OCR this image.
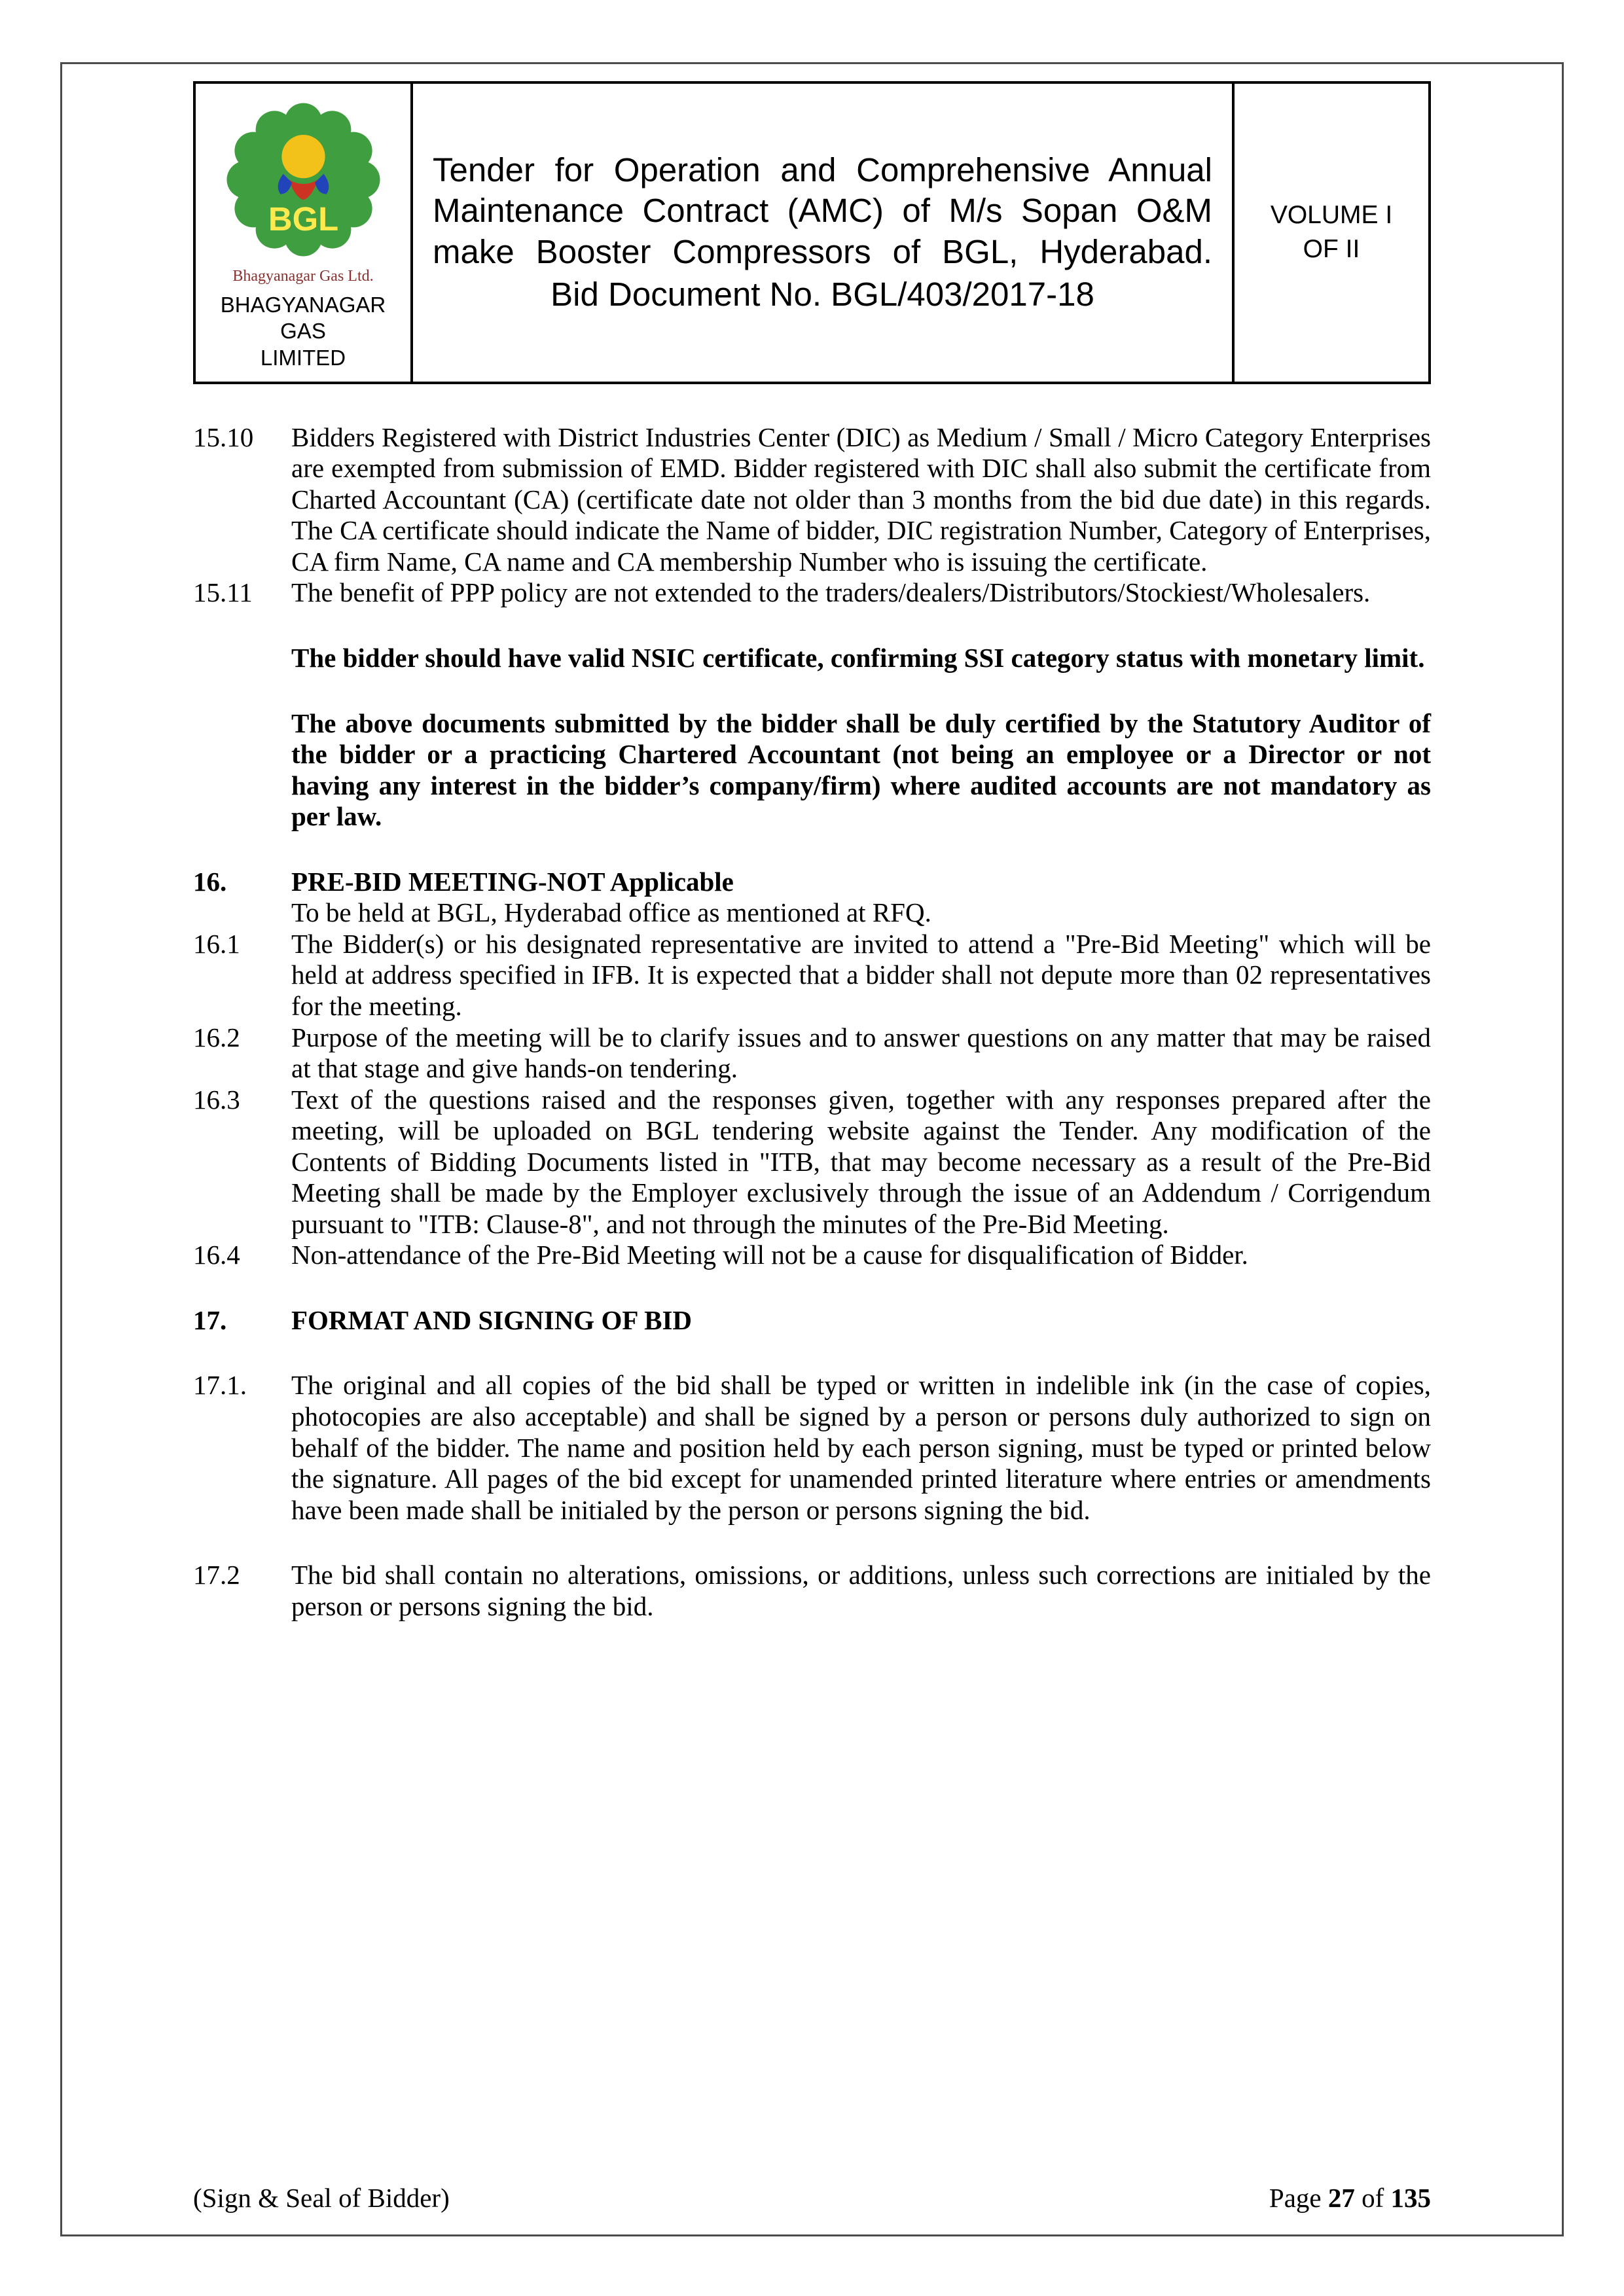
BGL
Bhagyanagar Gas Ltd.
BHAGYANAGAR GAS
LIMITED

Tender for Operation and Comprehensive Annual
Maintenance Contract (AMC) of M/s Sopan O&M
make Booster Compressors of BGL, Hyderabad.
Bid Document No. BGL/403/2017-18

VOLUME I
OF II
15.10	Bidders Registered with District Industries Center (DIC) as Medium / Small / Micro Category Enterprises are exempted from submission of EMD. Bidder registered with DIC shall also submit the certificate from Charted Accountant (CA) (certificate date not older than 3 months from the bid due date) in this regards. The CA certificate should indicate the Name of bidder, DIC registration Number, Category of Enterprises, CA firm Name, CA name and CA membership Number who is issuing the certificate.
15.11	The benefit of PPP policy are not extended to the traders/dealers/Distributors/Stockiest/Wholesalers.
The bidder should have valid NSIC certificate, confirming SSI category status with monetary limit.
The above documents submitted by the bidder shall be duly certified by the Statutory Auditor of the bidder or a practicing Chartered Accountant (not being an employee or a Director or not having any interest in the bidder’s company/firm) where audited accounts are not mandatory as per law.
16.	PRE-BID MEETING-NOT Applicable
To be held at BGL, Hyderabad office as mentioned at RFQ.
16.1	The Bidder(s) or his designated representative are invited to attend a "Pre-Bid Meeting" which will be held at address specified in IFB. It is expected that a bidder shall not depute more than 02 representatives for the meeting.
16.2	Purpose of the meeting will be to clarify issues and to answer questions on any matter that may be raised at that stage and give hands-on tendering.
16.3	Text of the questions raised and the responses given, together with any responses prepared after the meeting, will be uploaded on BGL tendering website against the Tender. Any modification of the Contents of Bidding Documents listed in "ITB, that may become necessary as a result of the Pre-Bid Meeting shall be made by the Employer exclusively through the issue of an Addendum / Corrigendum pursuant to "ITB: Clause-8", and not through the minutes of the Pre-Bid Meeting.
16.4	Non-attendance of the Pre-Bid Meeting will not be a cause for disqualification of Bidder.
17.	FORMAT AND SIGNING OF BID
17.1.	The original and all copies of the bid shall be typed or written in indelible ink (in the case of copies, photocopies are also acceptable) and shall be signed by a person or persons duly authorized to sign on behalf of the bidder. The name and position held by each person signing, must be typed or printed below the signature. All pages of the bid except for unamended printed literature where entries or amendments have been made shall be initialed by the person or persons signing the bid.
17.2	The bid shall contain no alterations, omissions, or additions, unless such corrections are initialed by the person or persons signing the bid.
(Sign & Seal of Bidder)	Page 27 of 135
